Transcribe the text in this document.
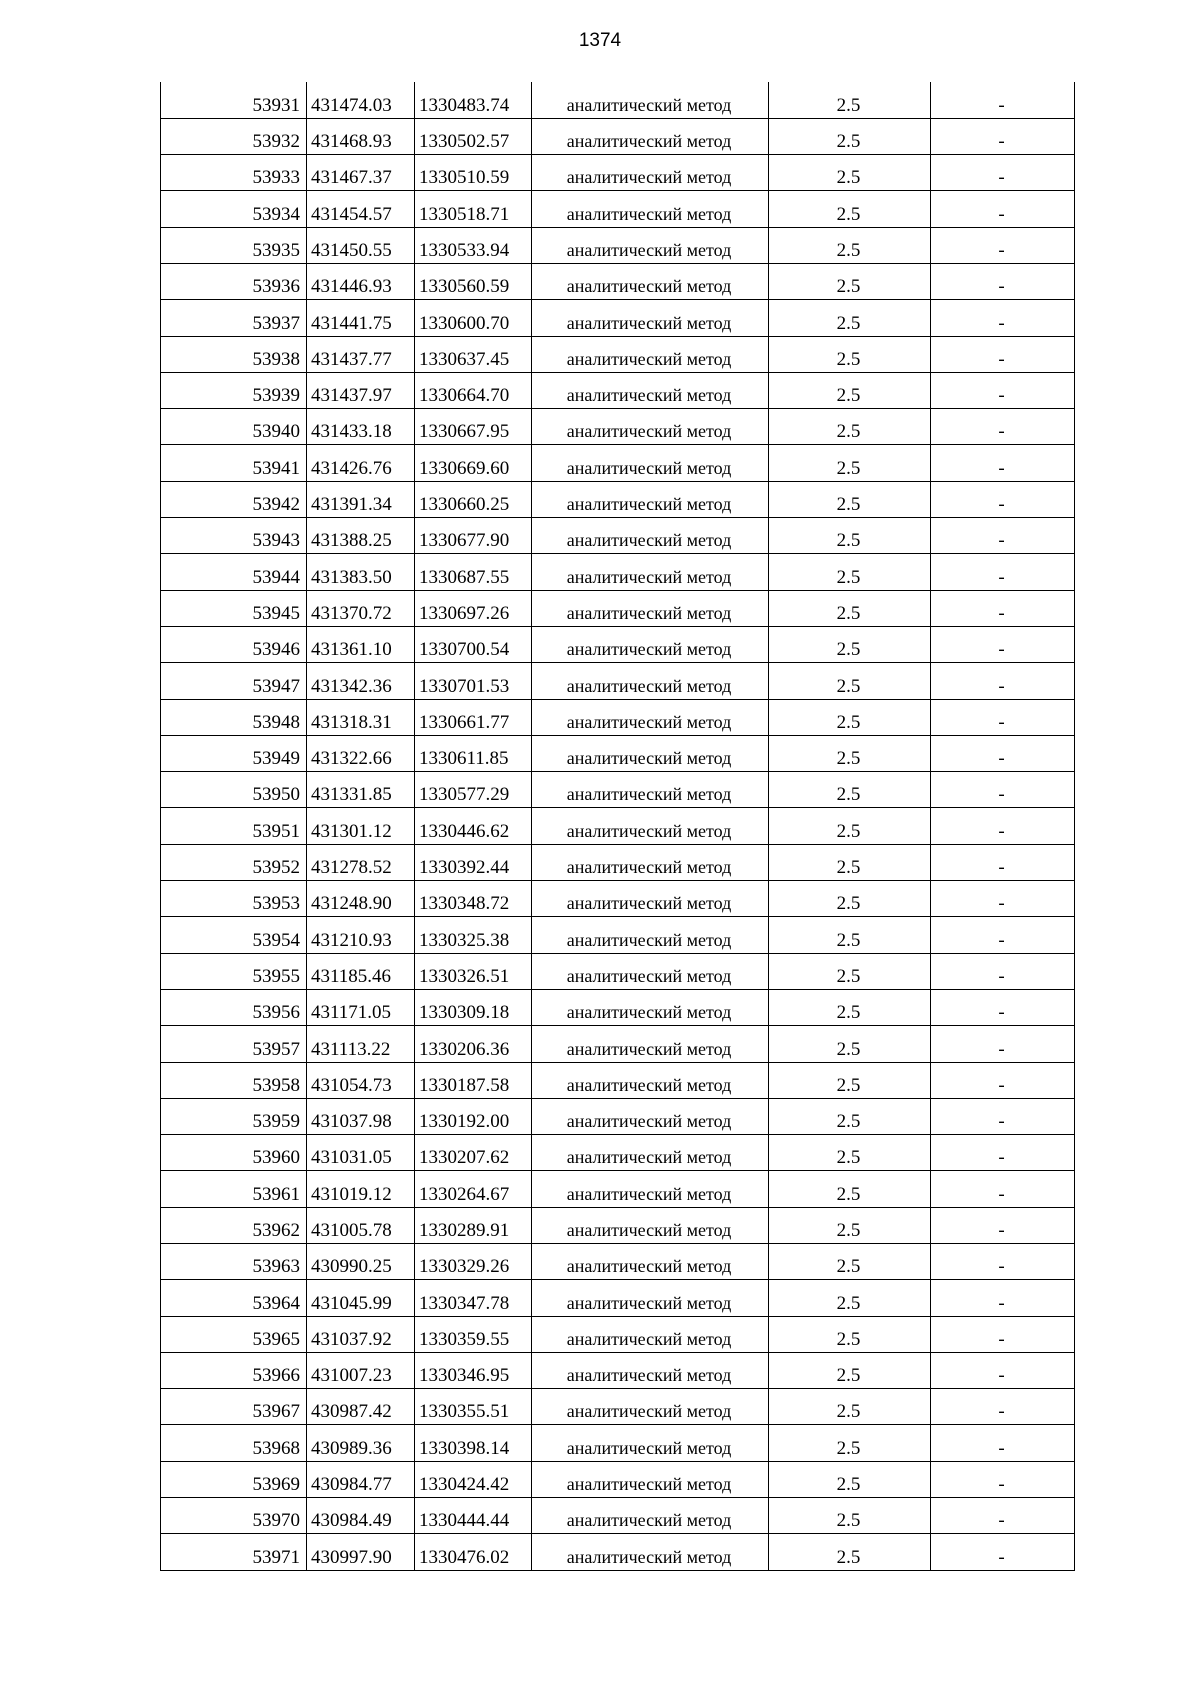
1374
53931	431474.03	1330483.74	аналитический метод	2.5	-
53932	431468.93	1330502.57	аналитический метод	2.5	-
53933	431467.37	1330510.59	аналитический метод	2.5	-
53934	431454.57	1330518.71	аналитический метод	2.5	-
53935	431450.55	1330533.94	аналитический метод	2.5	-
53936	431446.93	1330560.59	аналитический метод	2.5	-
53937	431441.75	1330600.70	аналитический метод	2.5	-
53938	431437.77	1330637.45	аналитический метод	2.5	-
53939	431437.97	1330664.70	аналитический метод	2.5	-
53940	431433.18	1330667.95	аналитический метод	2.5	-
53941	431426.76	1330669.60	аналитический метод	2.5	-
53942	431391.34	1330660.25	аналитический метод	2.5	-
53943	431388.25	1330677.90	аналитический метод	2.5	-
53944	431383.50	1330687.55	аналитический метод	2.5	-
53945	431370.72	1330697.26	аналитический метод	2.5	-
53946	431361.10	1330700.54	аналитический метод	2.5	-
53947	431342.36	1330701.53	аналитический метод	2.5	-
53948	431318.31	1330661.77	аналитический метод	2.5	-
53949	431322.66	1330611.85	аналитический метод	2.5	-
53950	431331.85	1330577.29	аналитический метод	2.5	-
53951	431301.12	1330446.62	аналитический метод	2.5	-
53952	431278.52	1330392.44	аналитический метод	2.5	-
53953	431248.90	1330348.72	аналитический метод	2.5	-
53954	431210.93	1330325.38	аналитический метод	2.5	-
53955	431185.46	1330326.51	аналитический метод	2.5	-
53956	431171.05	1330309.18	аналитический метод	2.5	-
53957	431113.22	1330206.36	аналитический метод	2.5	-
53958	431054.73	1330187.58	аналитический метод	2.5	-
53959	431037.98	1330192.00	аналитический метод	2.5	-
53960	431031.05	1330207.62	аналитический метод	2.5	-
53961	431019.12	1330264.67	аналитический метод	2.5	-
53962	431005.78	1330289.91	аналитический метод	2.5	-
53963	430990.25	1330329.26	аналитический метод	2.5	-
53964	431045.99	1330347.78	аналитический метод	2.5	-
53965	431037.92	1330359.55	аналитический метод	2.5	-
53966	431007.23	1330346.95	аналитический метод	2.5	-
53967	430987.42	1330355.51	аналитический метод	2.5	-
53968	430989.36	1330398.14	аналитический метод	2.5	-
53969	430984.77	1330424.42	аналитический метод	2.5	-
53970	430984.49	1330444.44	аналитический метод	2.5	-
53971	430997.90	1330476.02	аналитический метод	2.5	-
